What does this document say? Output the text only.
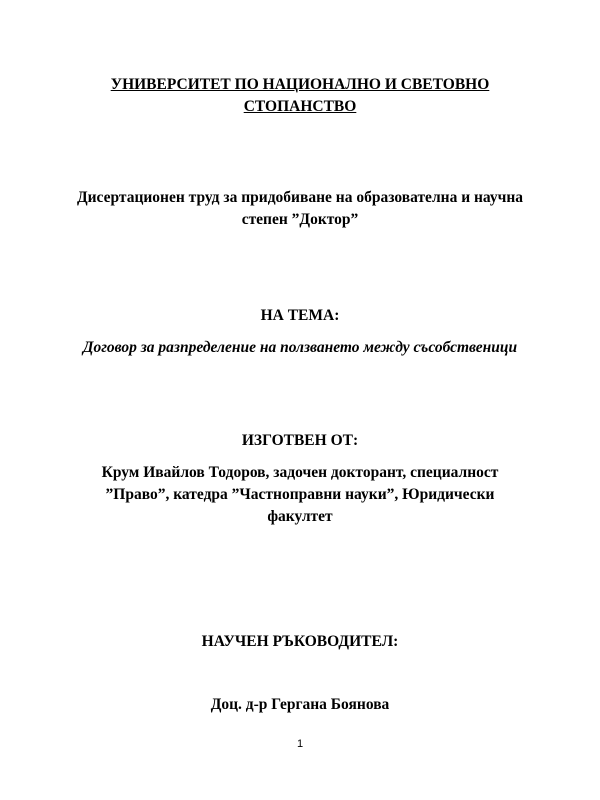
УНИВЕРСИТЕТ ПО НАЦИОНАЛНО И СВЕТОВНО
СТОПАНСТВО
Дисертационен труд за придобиване на образователна и научна
степен ”Доктор”
НА ТЕМА:
Договор за разпределение на ползването между съсобственици
ИЗГОТВЕН ОТ:
Крум Ивайлов Тодоров, задочен докторант, специалност
”Право”, катедра ”Частноправни науки”, Юридически
факултет
НАУЧЕН РЪКОВОДИТЕЛ:
Доц. д-р Гергана Боянова
1
